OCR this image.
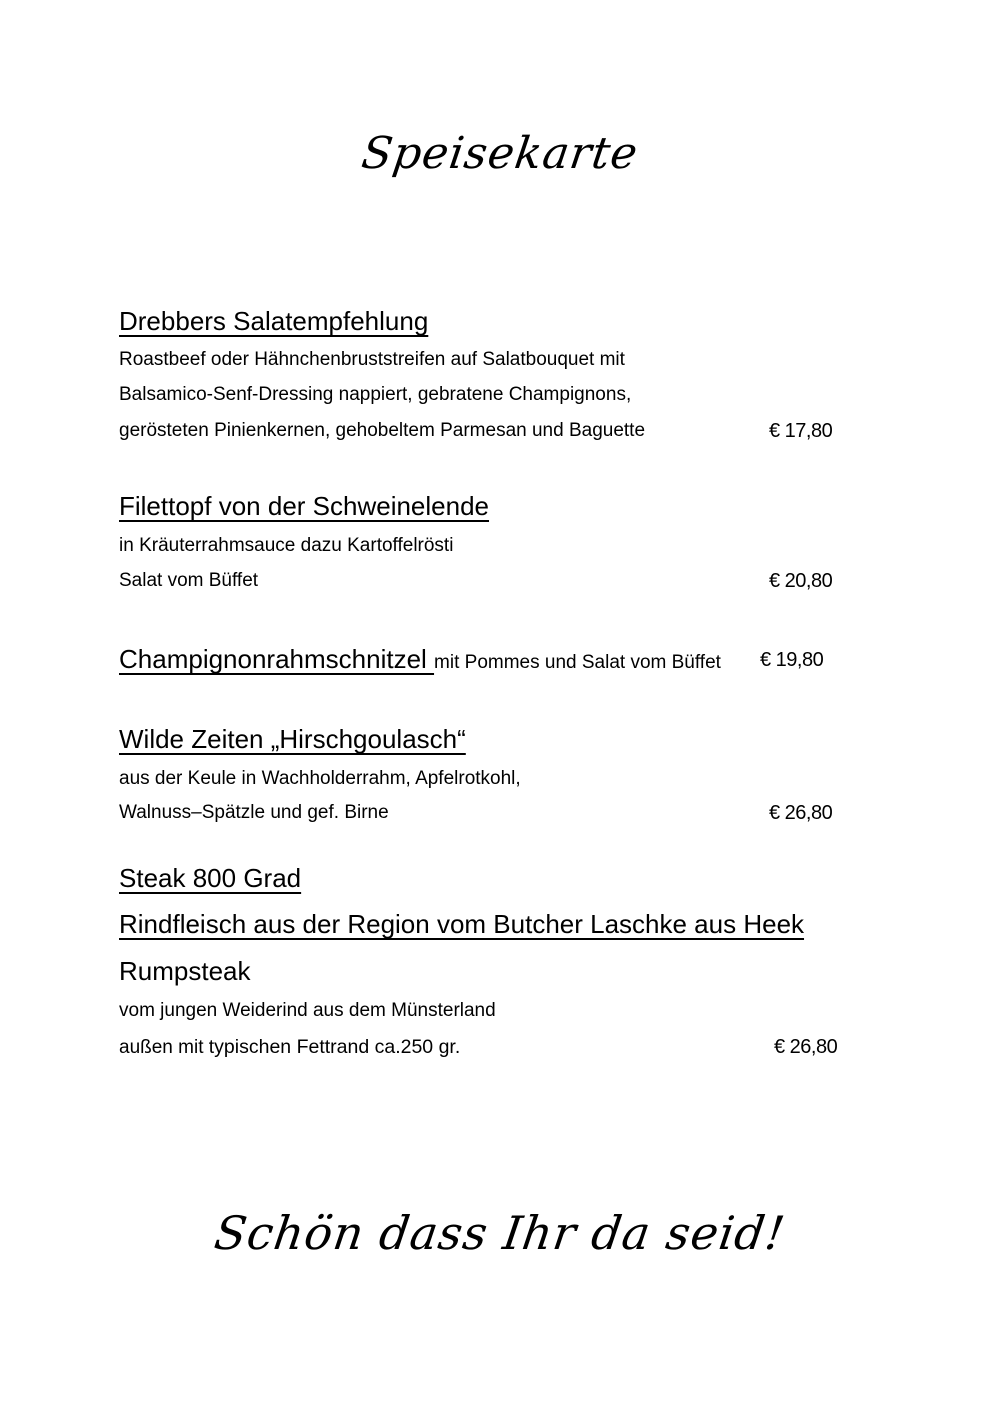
Speisekarte
Drebbers Salatempfehlung
Roastbeef oder Hähnchenbruststreifen auf Salatbouquet mit
Balsamico-Senf-Dressing nappiert, gebratene Champignons,
gerösteten Pinienkernen, gehobeltem Parmesan und Baguette	€ 17,80
Filettopf von der Schweinelende
in Kräuterrahmsauce dazu Kartoffelrösti
Salat vom Büffet	€ 20,80
Champignonrahmschnitzel mit Pommes und Salat vom Büffet € 19,80
Wilde Zeiten „Hirschgoulasch“
aus der Keule in Wachholderrahm, Apfelrotkohl,
Walnuss–Spätzle und gef. Birne	€ 26,80
Steak 800 Grad
Rindfleisch aus der Region vom Butcher Laschke aus Heek
Rumpsteak
vom jungen Weiderind aus dem Münsterland
außen mit typischen Fettrand ca.250 gr.	€ 26,80
Schön dass Ihr da seid!
